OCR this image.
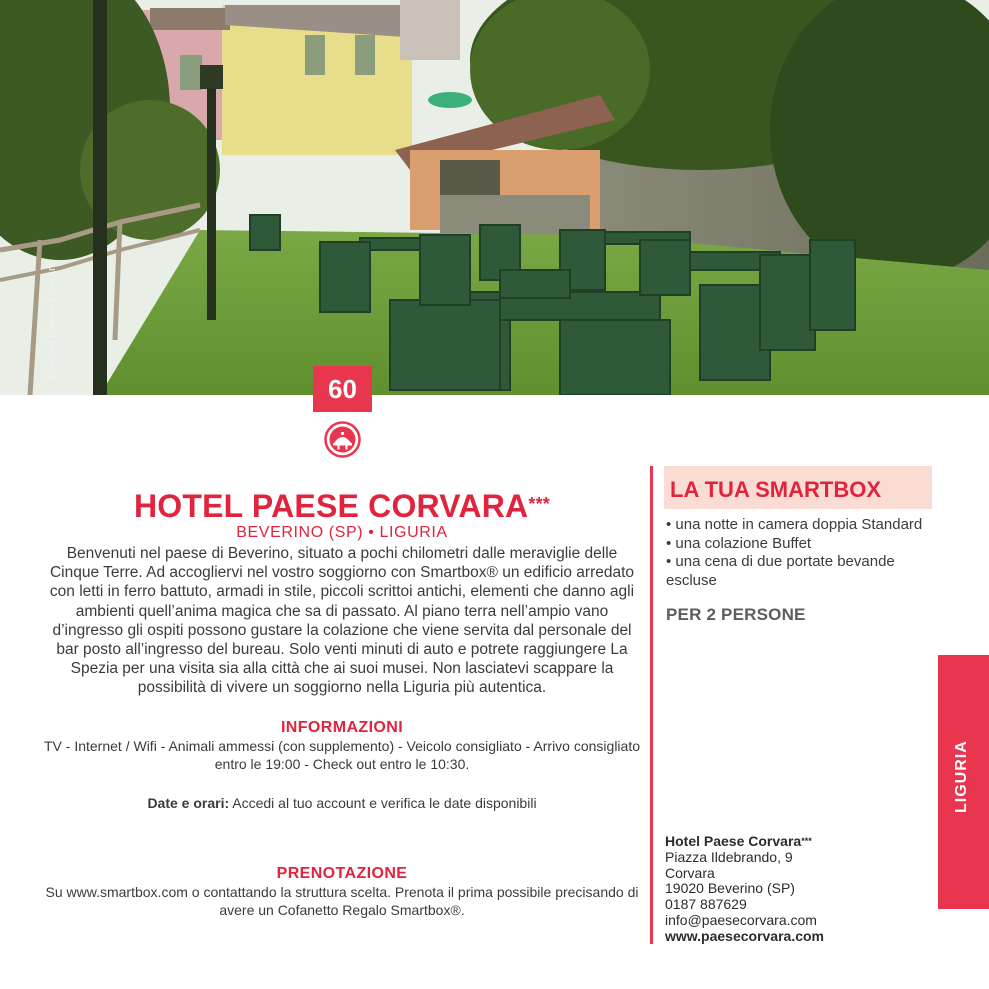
© Hotel Paese Corvara
60
HOTEL PAESE CORVARA***
BEVERINO (SP) • LIGURIA
Benvenuti nel paese di Beverino, situato a pochi chilometri dalle meraviglie delle Cinque Terre. Ad accogliervi nel vostro soggiorno con Smartbox® un edificio arredato con letti in ferro battuto, armadi in stile, piccoli scrittoi antichi, elementi che danno agli ambienti quell’anima magica che sa di passato. Al piano terra nell’ampio vano d’ingresso gli ospiti possono gustare la colazione che viene servita dal personale del bar posto all’ingresso del bureau. Solo venti minuti di auto e potrete raggiungere La Spezia per una visita sia alla città che ai suoi musei. Non lasciatevi scappare la possibilità di vivere un soggiorno nella Liguria più autentica.
INFORMAZIONI
TV - Internet / Wifi - Animali ammessi (con supplemento) - Veicolo consigliato - Arrivo consigliato entro le 19:00 - Check out entro le 10:30.
Date e orari: Accedi al tuo account e verifica le date disponibili
PRENOTAZIONE
Su www.smartbox.com o contattando la struttura scelta. Prenota il prima possibile precisando di avere un Cofanetto Regalo Smartbox®.
LA TUA SMARTBOX
• una notte in camera doppia Standard
• una colazione Buffet
• una cena di due portate bevande escluse
PER 2 PERSONE
Hotel Paese Corvara***
Piazza Ildebrando, 9
Corvara
19020 Beverino (SP)
0187 887629
info@paesecorvara.com
www.paesecorvara.com
LIGURIA
